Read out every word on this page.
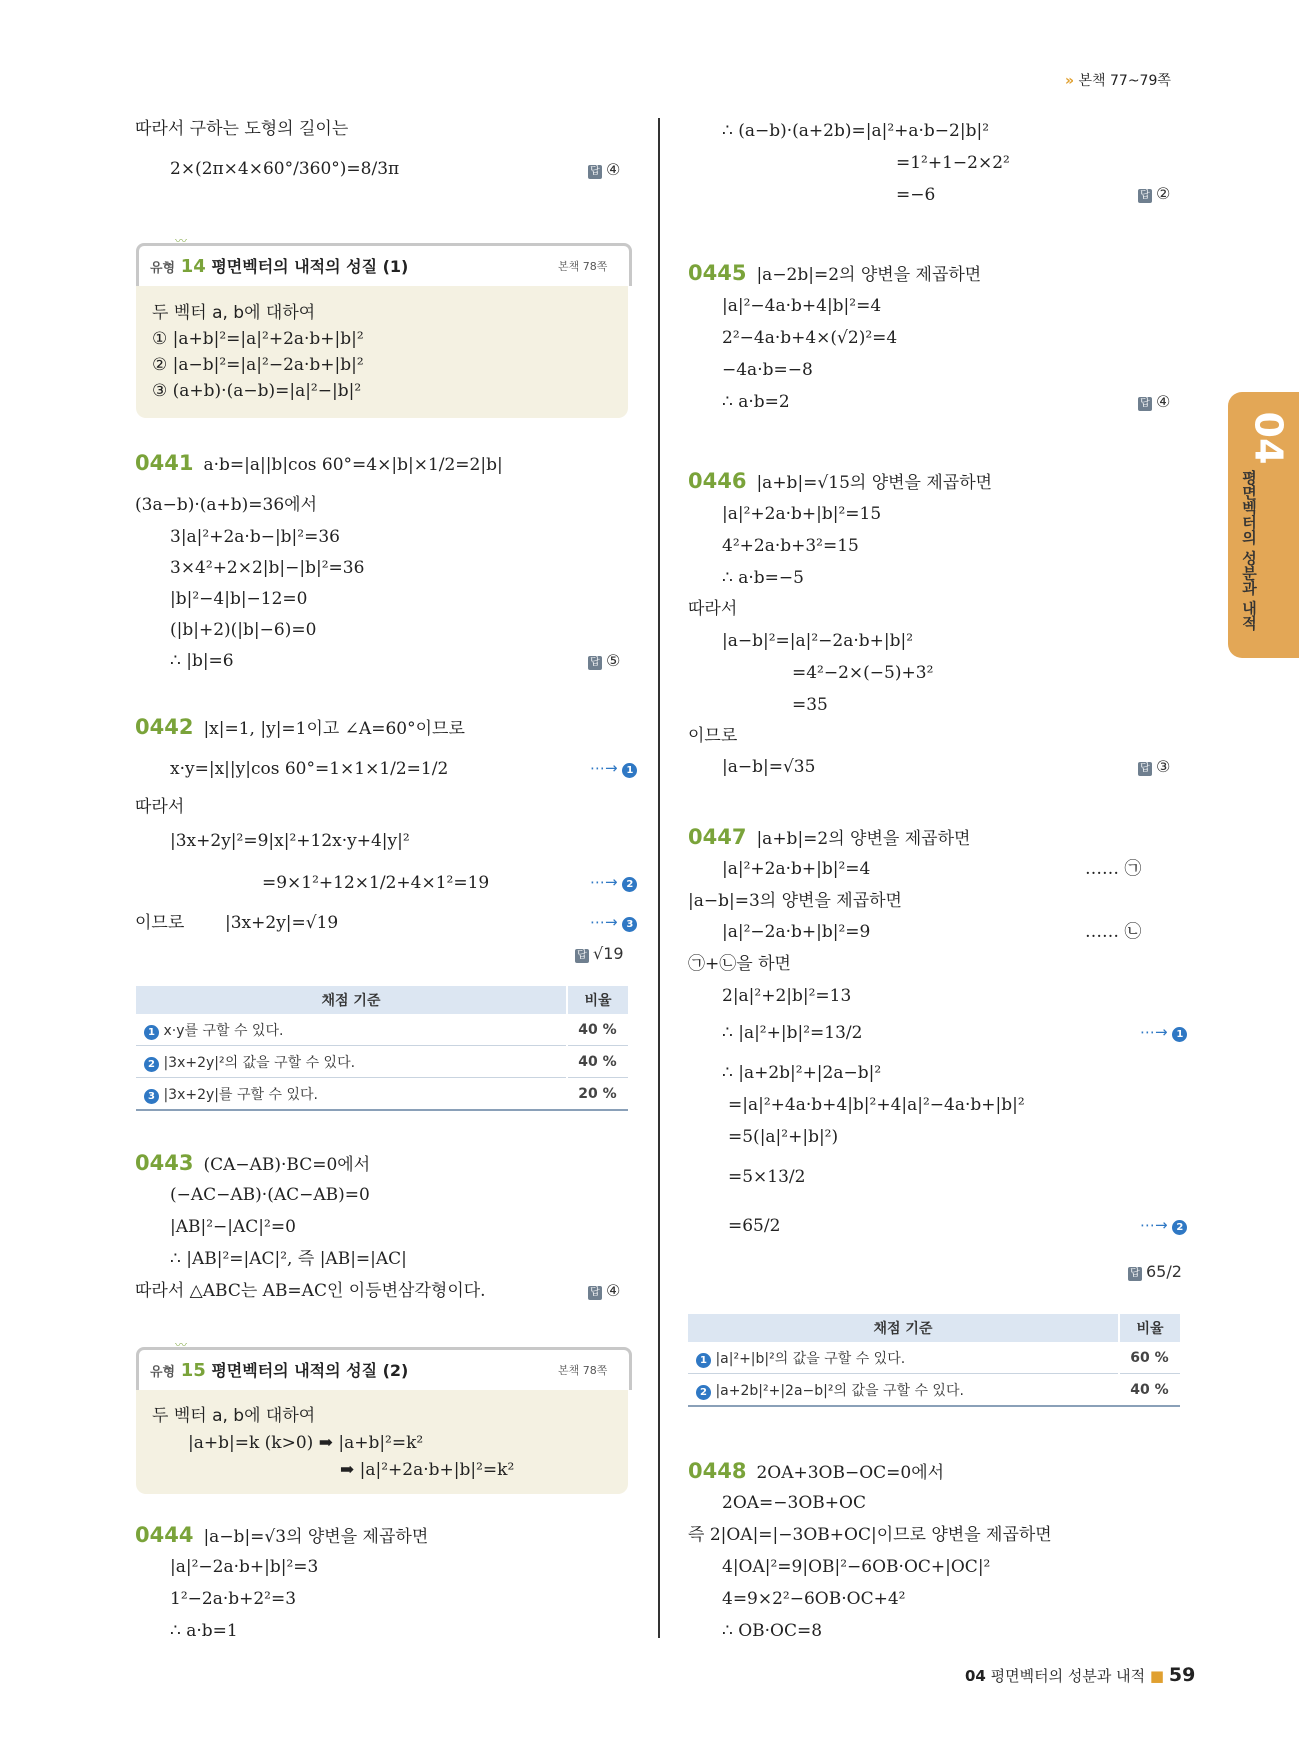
» 본책 77~79쪽
04
평면벡터의 성분과 내적
따라서 구하는 도형의 길이는
2×(2π×4×60°/360°)=8/3π	답 ④
〰
유형 14 평면벡터의 내적의 성질 (1)	본책 78쪽
두 벡터 a, b에 대하여
① |a+b|²=|a|²+2a·b+|b|²
② |a−b|²=|a|²−2a·b+|b|²
③ (a+b)·(a−b)=|a|²−|b|²
0441 a·b=|a||b|cos 60°=4×|b|×1/2=2|b|
(3a−b)·(a+b)=36에서
3|a|²+2a·b−|b|²=36
3×4²+2×2|b|−|b|²=36
|b|²−4|b|−12=0
(|b|+2)(|b|−6)=0
∴ |b|=6	답 ⑤
0442 |x|=1, |y|=1이고 ∠A=60°이므로
x·y=|x||y|cos 60°=1×1×1/2=1/2	⋯→ 1
따라서
|3x+2y|²=9|x|²+12x·y+4|y|²
=9×1²+12×1/2+4×1²=19	⋯→ 2
이므로 |3x+2y|=√19	⋯→ 3
답 √19
채점 기준	비율
1 x·y를 구할 수 있다.	40 %
2 |3x+2y|²의 값을 구할 수 있다.	40 %
3 |3x+2y|를 구할 수 있다.	20 %
0443 (CA−AB)·BC=0에서
(−AC−AB)·(AC−AB)=0
|AB|²−|AC|²=0
∴ |AB|²=|AC|², 즉 |AB|=|AC|
따라서 △ABC는 AB=AC인 이등변삼각형이다.	답 ④
〰
유형 15 평면벡터의 내적의 성질 (2)	본책 78쪽
두 벡터 a, b에 대하여
|a+b|=k (k>0) ➡ |a+b|²=k²
➡ |a|²+2a·b+|b|²=k²
0444 |a−b|=√3의 양변을 제곱하면
|a|²−2a·b+|b|²=3
1²−2a·b+2²=3
∴ a·b=1
∴ (a−b)·(a+2b)=|a|²+a·b−2|b|²
=1²+1−2×2²
=−6	답 ②
0445 |a−2b|=2의 양변을 제곱하면
|a|²−4a·b+4|b|²=4
2²−4a·b+4×(√2)²=4
−4a·b=−8
∴ a·b=2	답 ④
0446 |a+b|=√15의 양변을 제곱하면
|a|²+2a·b+|b|²=15
4²+2a·b+3²=15
∴ a·b=−5
따라서
|a−b|²=|a|²−2a·b+|b|²
=4²−2×(−5)+3²
=35
이므로
|a−b|=√35	답 ③
0447 |a+b|=2의 양변을 제곱하면
|a|²+2a·b+|b|²=4	…… ㉠
|a−b|=3의 양변을 제곱하면
|a|²−2a·b+|b|²=9	…… ㉡
㉠+㉡을 하면
2|a|²+2|b|²=13
∴ |a|²+|b|²=13/2	⋯→ 1
∴ |a+2b|²+|2a−b|²
=|a|²+4a·b+4|b|²+4|a|²−4a·b+|b|²
=5(|a|²+|b|²)
=5×13/2
=65/2	⋯→ 2
답 65/2
채점 기준	비율
1 |a|²+|b|²의 값을 구할 수 있다.	60 %
2 |a+2b|²+|2a−b|²의 값을 구할 수 있다.	40 %
0448 2OA+3OB−OC=0에서
2OA=−3OB+OC
즉 2|OA|=|−3OB+OC|이므로 양변을 제곱하면
4|OA|²=9|OB|²−6OB·OC+|OC|²
4=9×2²−6OB·OC+4²
∴ OB·OC=8
04 평면벡터의 성분과 내적 ■ 59
